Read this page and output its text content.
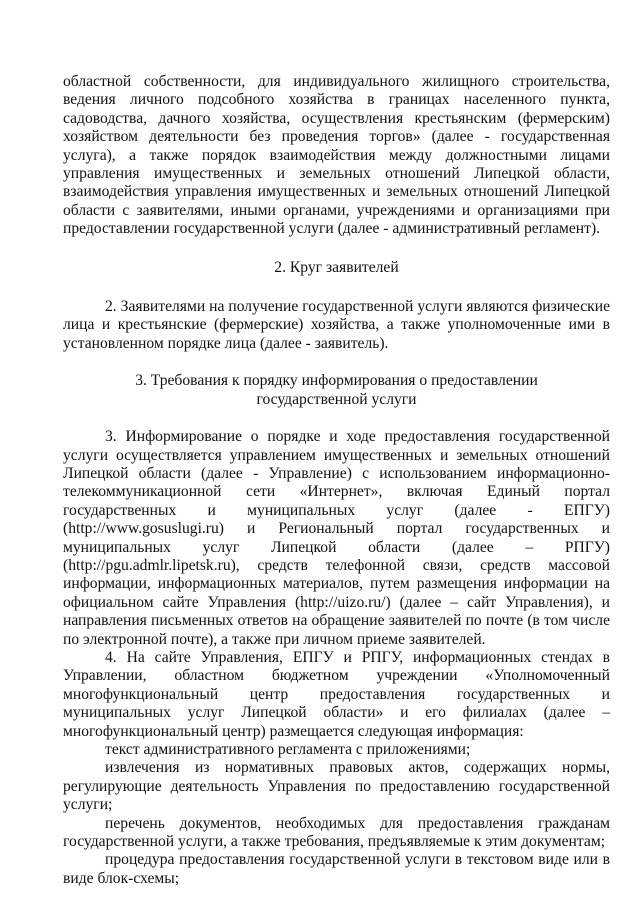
областной собственности, для индивидуального жилищного строительства, ведения личного подсобного хозяйства в границах населенного пункта, садоводства, дачного хозяйства, осуществления крестьянским (фермерским) хозяйством деятельности без проведения торгов» (далее - государственная услуга), а также порядок взаимодействия между должностными лицами управления имущественных и земельных отношений Липецкой области, взаимодействия управления имущественных и земельных отношений Липецкой области с заявителями, иными органами, учреждениями и организациями при предоставлении государственной услуги (далее - административный регламент).

2. Круг заявителей

2. Заявителями на получение государственной услуги являются физические лица и крестьянские (фермерские) хозяйства, а также уполномоченные ими в установленном порядке лица (далее - заявитель).

3. Требования к порядку информирования о предоставлении

государственной услуги

3. Информирование о порядке и ходе предоставления государственной услуги осуществляется управлением имущественных и земельных отношений Липецкой области (далее - Управление) с использованием информационно-телекоммуникационной сети «Интернет», включая Единый портал государственных и муниципальных услуг (далее - ЕПГУ) (http://www.gosuslugi.ru) и Региональный портал государственных и муниципальных услуг Липецкой области (далее – РПГУ) (http://pgu.admlr.lipetsk.ru), средств телефонной связи, средств массовой информации, информационных материалов, путем размещения информации на официальном сайте Управления (http://uizo.ru/) (далее – сайт Управления), и направления письменных ответов на обращение заявителей по почте (в том числе по электронной почте), а также при личном приеме заявителей.

4. На сайте Управления, ЕПГУ и РПГУ, информационных стендах в Управлении, областном бюджетном учреждении «Уполномоченный многофункциональный центр предоставления государственных и муниципальных услуг Липецкой области» и его филиалах (далее – многофункциональный центр) размещается следующая информация:

текст административного регламента с приложениями;

извлечения из нормативных правовых актов, содержащих нормы, регулирующие деятельность Управления по предоставлению государственной услуги;

перечень документов, необходимых для предоставления гражданам государственной услуги, а также требования, предъявляемые к этим документам;

процедура предоставления государственной услуги в текстовом виде или в виде блок-схемы;
